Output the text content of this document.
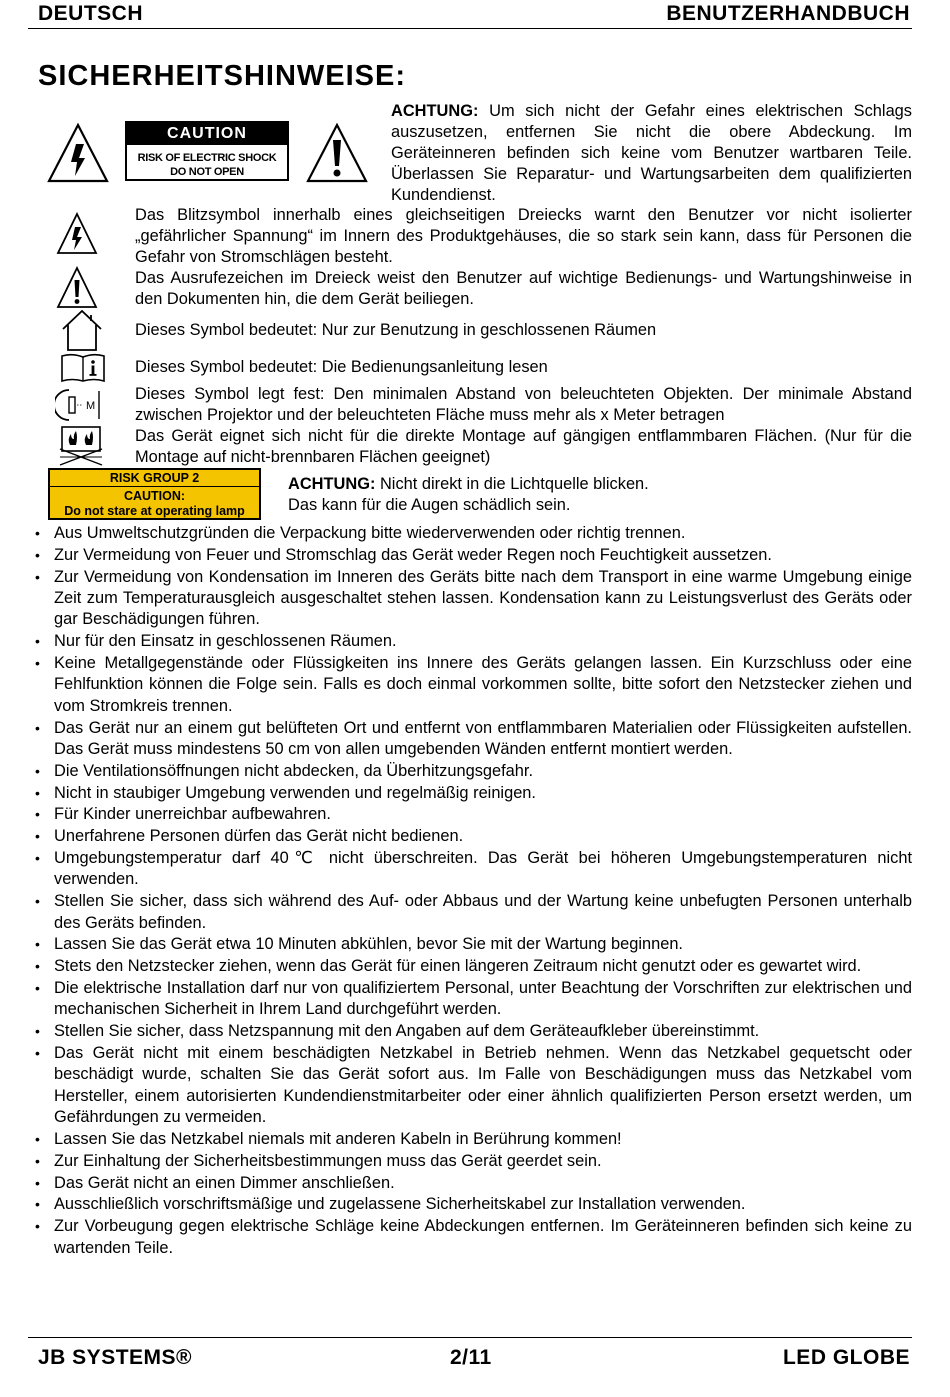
DEUTSCH	BENUTZERHANDBUCH
SICHERHEITSHINWEISE:
CAUTION
RISK OF ELECTRIC SHOCK
DO NOT OPEN
ACHTUNG: Um sich nicht der Gefahr eines elektrischen Schlags auszusetzen, entfernen Sie nicht die obere Abdeckung. Im Geräteinneren befinden sich keine vom Benutzer wartbaren Teile. Überlassen Sie Reparatur- und Wartungsarbeiten dem qualifizierten Kundendienst.
Das Blitzsymbol innerhalb eines gleichseitigen Dreiecks warnt den Benutzer vor nicht isolierter „gefährlicher Spannung“ im Innern des Produktgehäuses, die so stark sein kann, dass für Personen die Gefahr von Stromschlägen besteht.
Das Ausrufezeichen im Dreieck weist den Benutzer auf wichtige Bedienungs- und Wartungshinweise in den Dokumenten hin, die dem Gerät beiliegen.
Dieses Symbol bedeutet: Nur zur Benutzung in geschlossenen Räumen
Dieses Symbol bedeutet: Die Bedienungsanleitung lesen
M
Dieses Symbol legt fest: Den minimalen Abstand von beleuchteten Objekten. Der minimale Abstand zwischen Projektor und der beleuchteten Fläche muss mehr als x Meter betragen
Das Gerät eignet sich nicht für die direkte Montage auf gängigen entflammbaren Flächen. (Nur für die Montage auf nicht-brennbaren Flächen geeignet)
RISK GROUP 2
CAUTION:
Do not stare at operating lamp
ACHTUNG: Nicht direkt in die Lichtquelle blicken.
Das kann für die Augen schädlich sein.
• Aus Umweltschutzgründen die Verpackung bitte wiederverwenden oder richtig trennen.
• Zur Vermeidung von Feuer und Stromschlag das Gerät weder Regen noch Feuchtigkeit aussetzen.
• Zur Vermeidung von Kondensation im Inneren des Geräts bitte nach dem Transport in eine warme Umgebung einige Zeit zum Temperaturausgleich ausgeschaltet stehen lassen. Kondensation kann zu Leistungsverlust des Geräts oder gar Beschädigungen führen.
• Nur für den Einsatz in geschlossenen Räumen.
• Keine Metallgegenstände oder Flüssigkeiten ins Innere des Geräts gelangen lassen. Ein Kurzschluss oder eine Fehlfunktion können die Folge sein. Falls es doch einmal vorkommen sollte, bitte sofort den Netzstecker ziehen und vom Stromkreis trennen.
• Das Gerät nur an einem gut belüfteten Ort und entfernt von entflammbaren Materialien oder Flüssigkeiten aufstellen. Das Gerät muss mindestens 50 cm von allen umgebenden Wänden entfernt montiert werden.
• Die Ventilationsöffnungen nicht abdecken, da Überhitzungsgefahr.
• Nicht in staubiger Umgebung verwenden und regelmäßig reinigen.
• Für Kinder unerreichbar aufbewahren.
• Unerfahrene Personen dürfen das Gerät nicht bedienen.
• Umgebungstemperatur darf 40℃ nicht überschreiten. Das Gerät bei höheren Umgebungstemperaturen nicht verwenden.
• Stellen Sie sicher, dass sich während des Auf- oder Abbaus und der Wartung keine unbefugten Personen unterhalb des Geräts befinden.
• Lassen Sie das Gerät etwa 10 Minuten abkühlen, bevor Sie mit der Wartung beginnen.
• Stets den Netzstecker ziehen, wenn das Gerät für einen längeren Zeitraum nicht genutzt oder es gewartet wird.
• Die elektrische Installation darf nur von qualifiziertem Personal, unter Beachtung der Vorschriften zur elektrischen und mechanischen Sicherheit in Ihrem Land durchgeführt werden.
• Stellen Sie sicher, dass Netzspannung mit den Angaben auf dem Geräteaufkleber übereinstimmt.
• Das Gerät nicht mit einem beschädigten Netzkabel in Betrieb nehmen. Wenn das Netzkabel gequetscht oder beschädigt wurde, schalten Sie das Gerät sofort aus. Im Falle von Beschädigungen muss das Netzkabel vom Hersteller, einem autorisierten Kundendienstmitarbeiter oder einer ähnlich qualifizierten Person ersetzt werden, um Gefährdungen zu vermeiden.
• Lassen Sie das Netzkabel niemals mit anderen Kabeln in Berührung kommen!
• Zur Einhaltung der Sicherheitsbestimmungen muss das Gerät geerdet sein.
• Das Gerät nicht an einen Dimmer anschließen.
• Ausschließlich vorschriftsmäßige und zugelassene Sicherheitskabel zur Installation verwenden.
• Zur Vorbeugung gegen elektrische Schläge keine Abdeckungen entfernen. Im Geräteinneren befinden sich keine zu wartenden Teile.
JB SYSTEMS®	2/11	LED GLOBE
